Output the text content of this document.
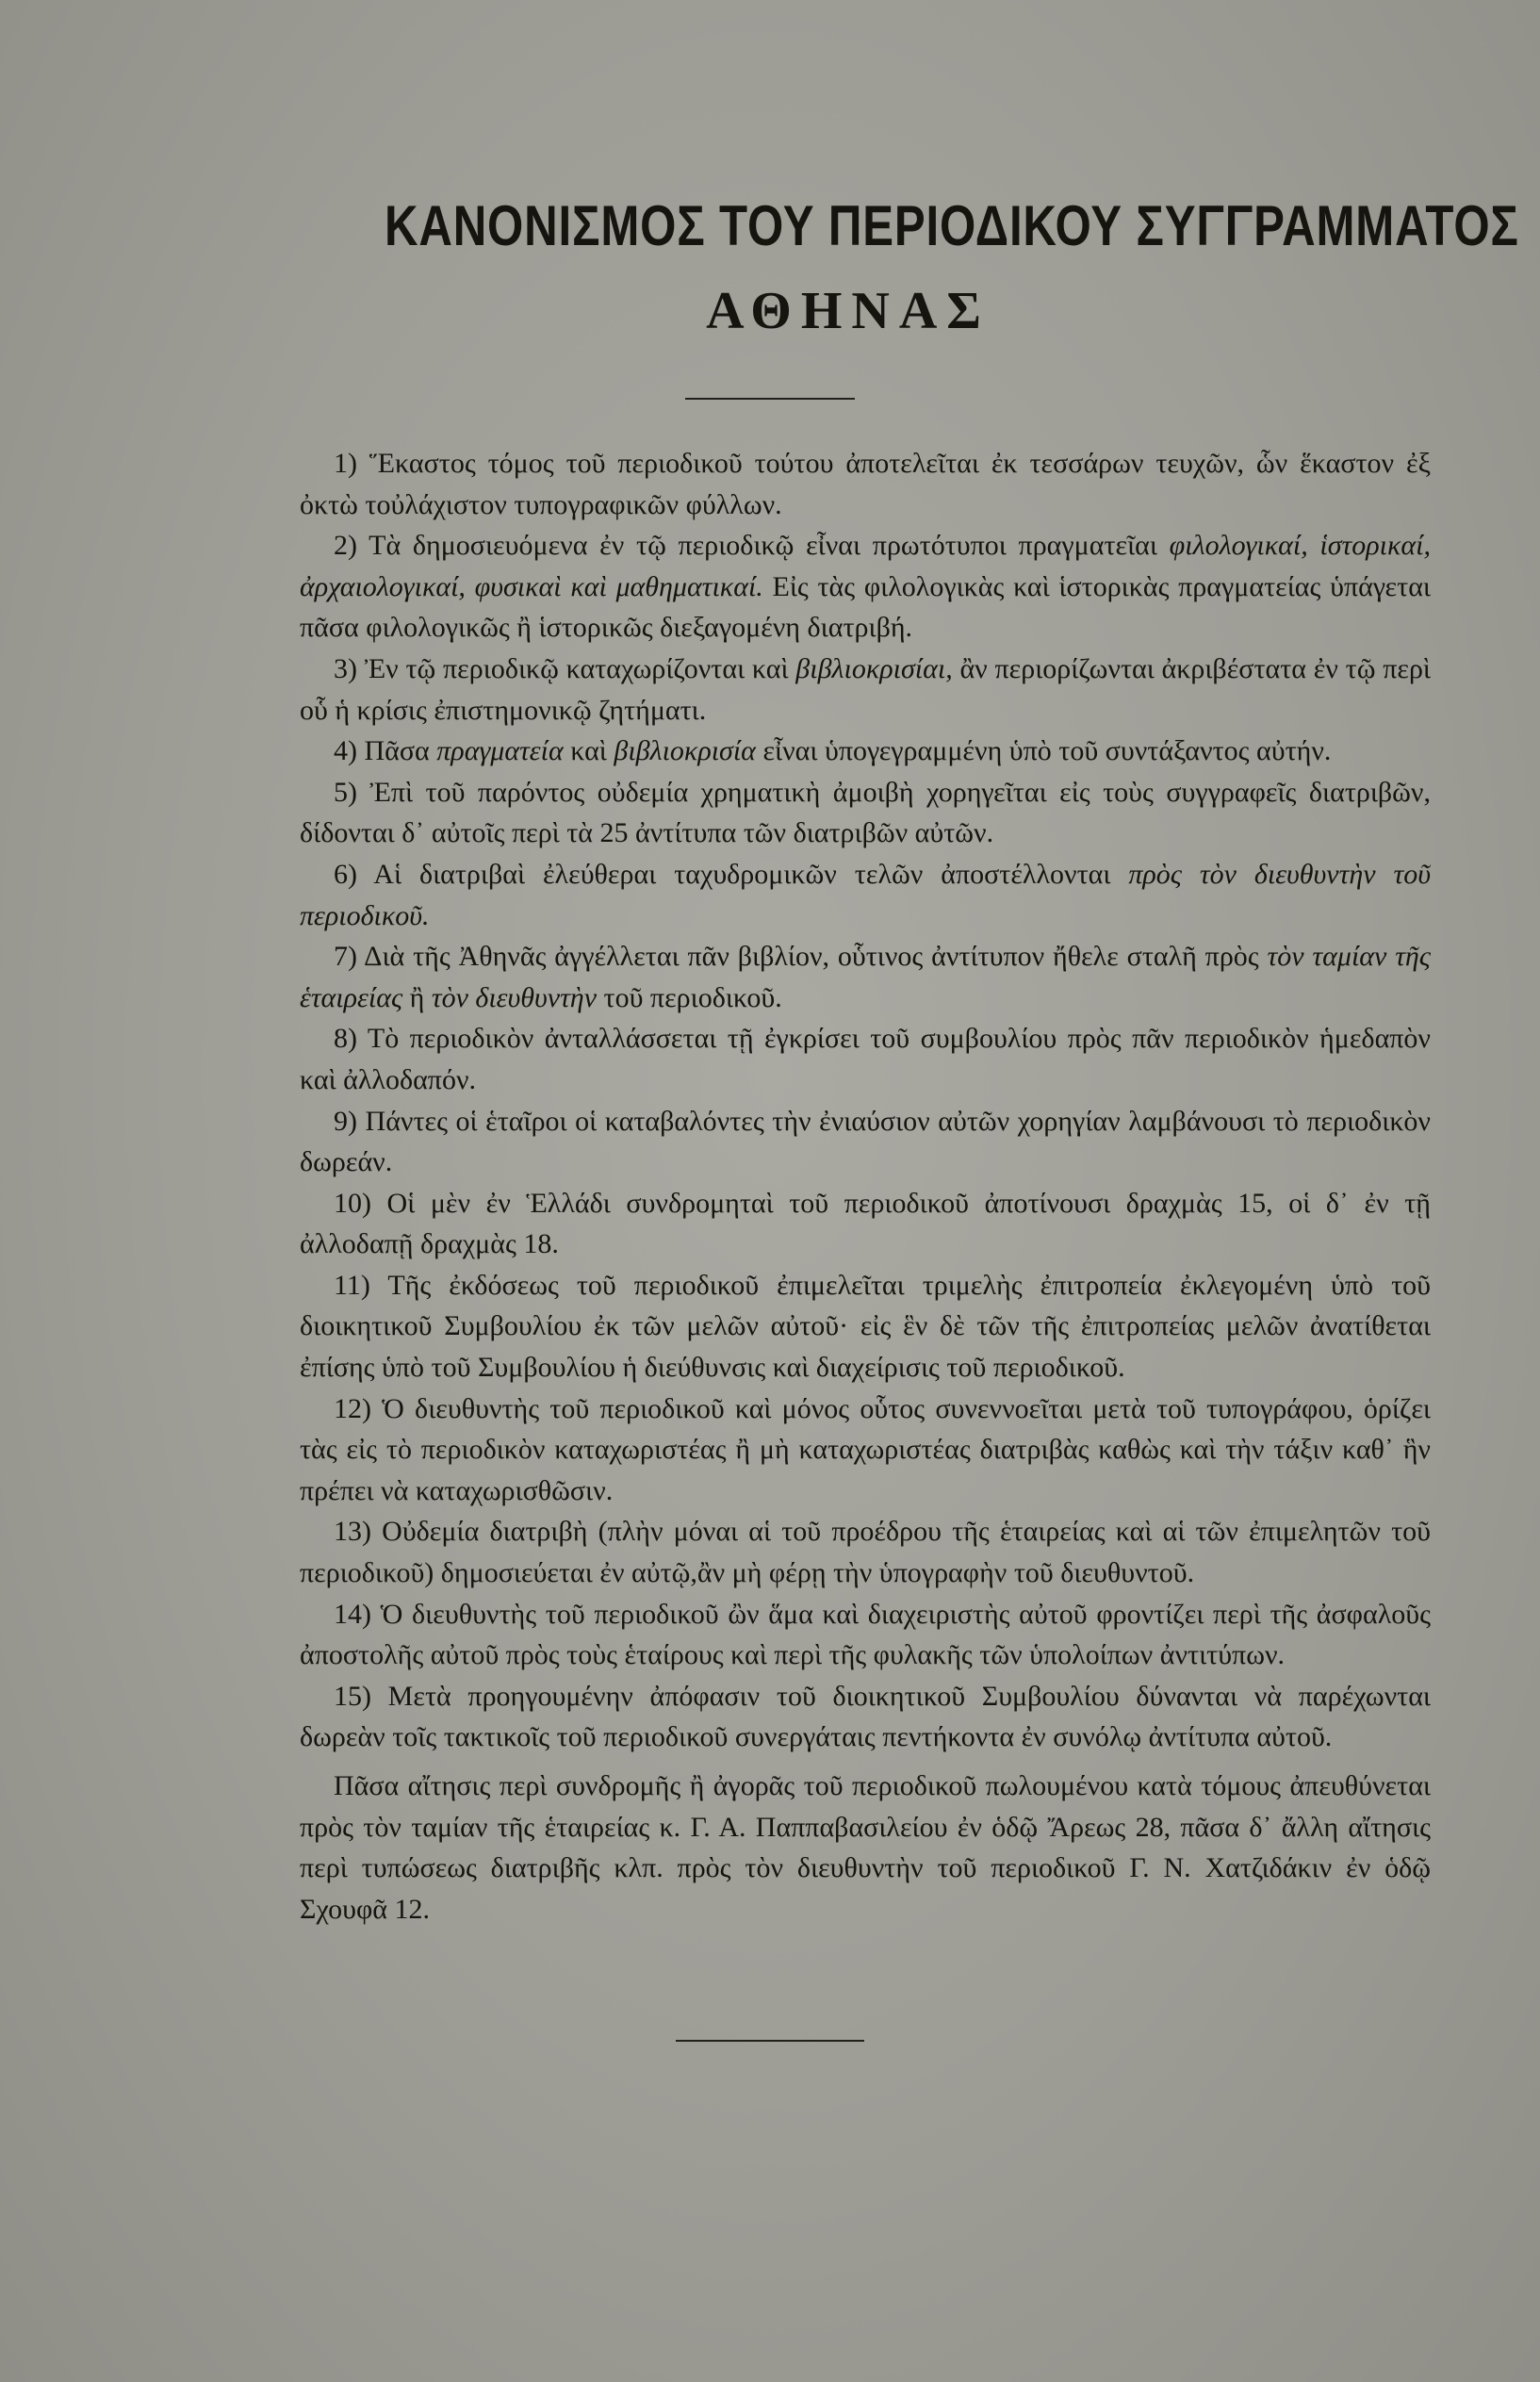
ΚΑΝΟΝΙΣΜΟΣ ΤΟΥ ΠΕΡΙΟΔΙΚΟΥ ΣΥΓΓΡΑΜΜΑΤΟΣ
ΑΘΗΝΑΣ

1) Ἕκαστος τόμος τοῦ περιοδικοῦ τούτου ἀποτελεῖται ἐκ τεσσάρων τευχῶν, ὧν ἕκαστον ἐξ ὀκτὼ τοὐλάχιστον τυπογραφικῶν φύλλων.

2) Τὰ δημοσιευόμενα ἐν τῷ περιοδικῷ εἶναι πρωτότυποι πραγματεῖαι φιλολογικαί, ἱστορικαί, ἀρχαιολογικαί, φυσικαὶ καὶ μαθηματικαί. Εἰς τὰς φιλολογικὰς καὶ ἱστορικὰς πραγματείας ὑπάγεται πᾶσα φιλολογικῶς ἢ ἱστορικῶς διεξαγομένη διατριβή.

3) Ἐν τῷ περιοδικῷ καταχωρίζονται καὶ βιβλιοκρισίαι, ἂν περιορίζωνται ἀκριβέστατα ἐν τῷ περὶ οὗ ἡ κρίσις ἐπιστημονικῷ ζητήματι.

4) Πᾶσα πραγματεία καὶ βιβλιοκρισία εἶναι ὑπογεγραμμένη ὑπὸ τοῦ συντάξαντος αὐτήν.

5) Ἐπὶ τοῦ παρόντος οὐδεμία χρηματικὴ ἀμοιβὴ χορηγεῖται εἰς τοὺς συγγραφεῖς διατριβῶν, δίδονται δ᾽ αὐτοῖς περὶ τὰ 25 ἀντίτυπα τῶν διατριβῶν αὐτῶν.

6) Αἱ διατριβαὶ ἐλεύθεραι ταχυδρομικῶν τελῶν ἀποστέλλονται πρὸς τὸν διευθυντὴν τοῦ περιοδικοῦ.

7) Διὰ τῆς Ἀθηνᾶς ἀγγέλλεται πᾶν βιβλίον, οὗτινος ἀντίτυπον ἤθελε σταλῆ πρὸς τὸν ταμίαν τῆς ἑταιρείας ἢ τὸν διευθυντὴν τοῦ περιοδικοῦ.

8) Τὸ περιοδικὸν ἀνταλλάσσεται τῇ ἐγκρίσει τοῦ συμβουλίου πρὸς πᾶν περιοδικὸν ἡμεδαπὸν καὶ ἀλλοδαπόν.

9) Πάντες οἱ ἑταῖροι οἱ καταβαλόντες τὴν ἐνιαύσιον αὐτῶν χορηγίαν λαμβάνουσι τὸ περιοδικὸν δωρεάν.

10) Οἱ μὲν ἐν Ἑλλάδι συνδρομηταὶ τοῦ περιοδικοῦ ἀποτίνουσι δραχμὰς 15, οἱ δ᾽ ἐν τῇ ἀλλοδαπῇ δραχμὰς 18.

11) Τῆς ἐκδόσεως τοῦ περιοδικοῦ ἐπιμελεῖται τριμελὴς ἐπιτροπεία ἐκλεγομένη ὑπὸ τοῦ διοικητικοῦ Συμβουλίου ἐκ τῶν μελῶν αὐτοῦ· εἰς ἓν δὲ τῶν τῆς ἐπιτροπείας μελῶν ἀνατίθεται ἐπίσης ὑπὸ τοῦ Συμβουλίου ἡ διεύθυνσις καὶ διαχείρισις τοῦ περιοδικοῦ.

12) Ὁ διευθυντὴς τοῦ περιοδικοῦ καὶ μόνος οὗτος συνεννοεῖται μετὰ τοῦ τυπογράφου, ὁρίζει τὰς εἰς τὸ περιοδικὸν καταχωριστέας ἢ μὴ καταχωριστέας διατριβὰς καθὼς καὶ τὴν τάξιν καθ᾽ ἣν πρέπει νὰ καταχωρισθῶσιν.

13) Οὐδεμία διατριβὴ (πλὴν μόναι αἱ τοῦ προέδρου τῆς ἑταιρείας καὶ αἱ τῶν ἐπιμελητῶν τοῦ περιοδικοῦ) δημοσιεύεται ἐν αὐτῷ,ἂν μὴ φέρῃ τὴν ὑπογραφὴν τοῦ διευθυντοῦ.

14) Ὁ διευθυντὴς τοῦ περιοδικοῦ ὢν ἅμα καὶ διαχειριστὴς αὐτοῦ φροντίζει περὶ τῆς ἀσφαλοῦς ἀποστολῆς αὐτοῦ πρὸς τοὺς ἑταίρους καὶ περὶ τῆς φυλακῆς τῶν ὑπολοίπων ἀντιτύπων.

15) Μετὰ προηγουμένην ἀπόφασιν τοῦ διοικητικοῦ Συμβουλίου δύνανται νὰ παρέχωνται δωρεὰν τοῖς τακτικοῖς τοῦ περιοδικοῦ συνεργάταις πεντήκοντα ἐν συνόλῳ ἀντίτυπα αὐτοῦ.

Πᾶσα αἴτησις περὶ συνδρομῆς ἢ ἀγορᾶς τοῦ περιοδικοῦ πωλουμένου κατὰ τόμους ἀπευθύνεται πρὸς τὸν ταμίαν τῆς ἑταιρείας κ. Γ. Α. Παππαβασιλείου ἐν ὁδῷ Ἄρεως 28, πᾶσα δ᾽ ἄλλη αἴτησις περὶ τυπώσεως διατριβῆς κλπ. πρὸς τὸν διευθυντὴν τοῦ περιοδικοῦ Γ. Ν. Χατζιδάκιν ἐν ὁδῷ Σχουφᾶ 12.
